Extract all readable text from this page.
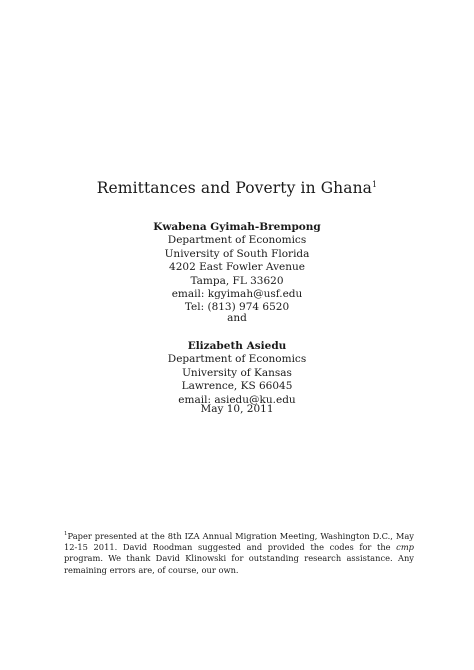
Remittances and Poverty in Ghana$^1$
Kwabena Gyimah-Brempong
Department of Economics
University of South Florida
4202 East Fowler Avenue
Tampa, FL 33620
email: kgyimah@usf.edu
Tel: (813) 974 6520
and
Elizabeth Asiedu
Department of Economics
University of Kansas
Lawrence, KS 66045
email: asiedu@ku.edu
May 10, 2011
$^1$Paper presented at the 8th IZA Annual Migration Meeting, Washington D.C., May 12-15 2011. David Roodman suggested and provided the codes for the cmp program. We thank David Klinowski for outstanding research assistance. Any remaining errors are, of course, our own.
